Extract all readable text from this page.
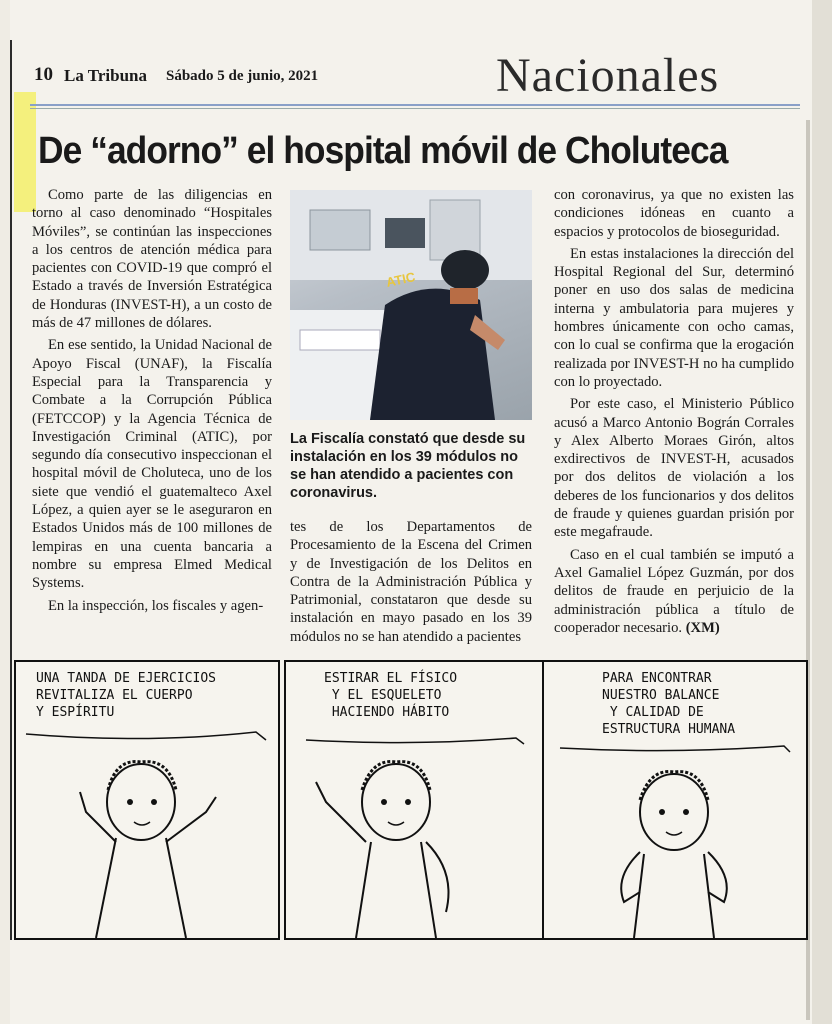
10 La Tribuna Sábado 5 de junio, 2021	Nacionales
De “adorno” el hospital móvil de Choluteca

Como parte de las diligencias en torno al caso denominado “Hospitales Móviles”, se continúan las inspecciones a los centros de atención médica para pacientes con COVID-19 que compró el Estado a través de Inversión Estratégica de Honduras (INVEST-H), a un costo de más de 47 millones de dólares.

En ese sentido, la Unidad Nacional de Apoyo Fiscal (UNAF), la Fiscalía Especial para la Transparencia y Combate a la Corrupción Pública (FETCCOP) y la Agencia Técnica de Investigación Criminal (ATIC), por segundo día consecutivo inspeccionan el hospital móvil de Choluteca, uno de los siete que vendió el guatemalteco Axel López, a quien ayer se le aseguraron en Estados Unidos más de 100 millones de lempiras en una cuenta bancaria a nombre su empresa Elmed Medical Systems.

En la inspección, los fiscales y agen-

ATIC
La Fiscalía constató que desde su instalación en los 39 módulos no se han atendido a pacientes con coronavirus.

tes de los Departamentos de Procesamiento de la Escena del Crimen y de Investigación de los Delitos en Contra de la Administración Pública y Patrimonial, constataron que desde su instalación en mayo pasado en los 39 módulos no se han atendido a pacientes

con coronavirus, ya que no existen las condiciones idóneas en cuanto a espacios y protocolos de bioseguridad.

En estas instalaciones la dirección del Hospital Regional del Sur, determinó poner en uso dos salas de medicina interna y ambulatoria para mujeres y hombres únicamente con ocho camas, con lo cual se confirma que la erogación realizada por INVEST-H no ha cumplido con lo proyectado.

Por este caso, el Ministerio Público acusó a Marco Antonio Bográn Corrales y Alex Alberto Moraes Girón, altos exdirectivos de INVEST-H, acusados por dos delitos de violación a los deberes de los funcionarios y dos delitos de fraude y quienes guardan prisión por este megafraude.

Caso en el cual también se imputó a Axel Gamaliel López Guzmán, por dos delitos de fraude en perjuicio de la administración pública a título de cooperador necesario. (XM)

UNA TANDA DE EJERCICIOS
REVITALIZA EL CUERPO
Y ESPÍRITU
ESTIRAR EL FÍSICO
Y EL ESQUELETO
HACIENDO HÁBITO
PARA ENCONTRAR
NUESTRO BALANCE
Y CALIDAD DE
ESTRUCTURA HUMANA
